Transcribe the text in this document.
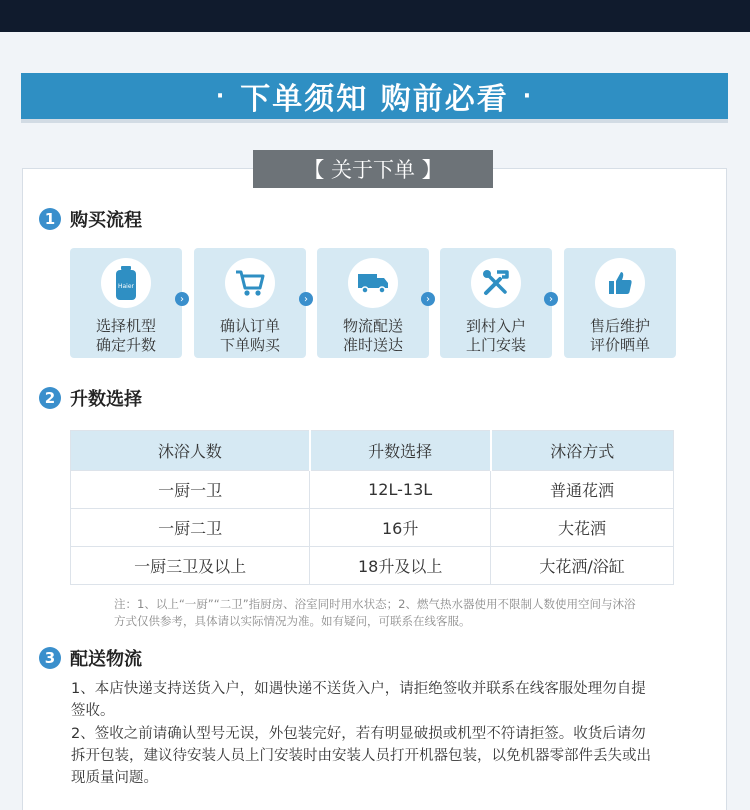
· 下单须知 购前必看 ·
【 关于下单 】
1 购买流程
Haier
选择机型
确定升数
›
确认订单
下单购买
›
物流配送
准时送达
›
到村入户
上门安装
›
售后维护
评价晒单
2 升数选择
沐浴人数	升数选择	沐浴方式
一厨一卫	12L-13L	普通花洒
一厨二卫	16升	大花洒
一厨三卫及以上	18升及以上	大花洒/浴缸
注：1、以上“一厨”“二卫”指厨房、浴室同时用水状态；2、燃气热水器使用不限制人数使用空间与沐浴方式仅供参考，具体请以实际情况为准。如有疑问，可联系在线客服。
3 配送物流
1、本店快递支持送货入户，如遇快递不送货入户，请拒绝签收并联系在线客服处理勿自提签收。
2、签收之前请确认型号无误，外包装完好，若有明显破损或机型不符请拒签。收货后请勿拆开包装，建议待安装人员上门安装时由安装人员打开机器包装，以免机器零部件丢失或出现质量问题。
